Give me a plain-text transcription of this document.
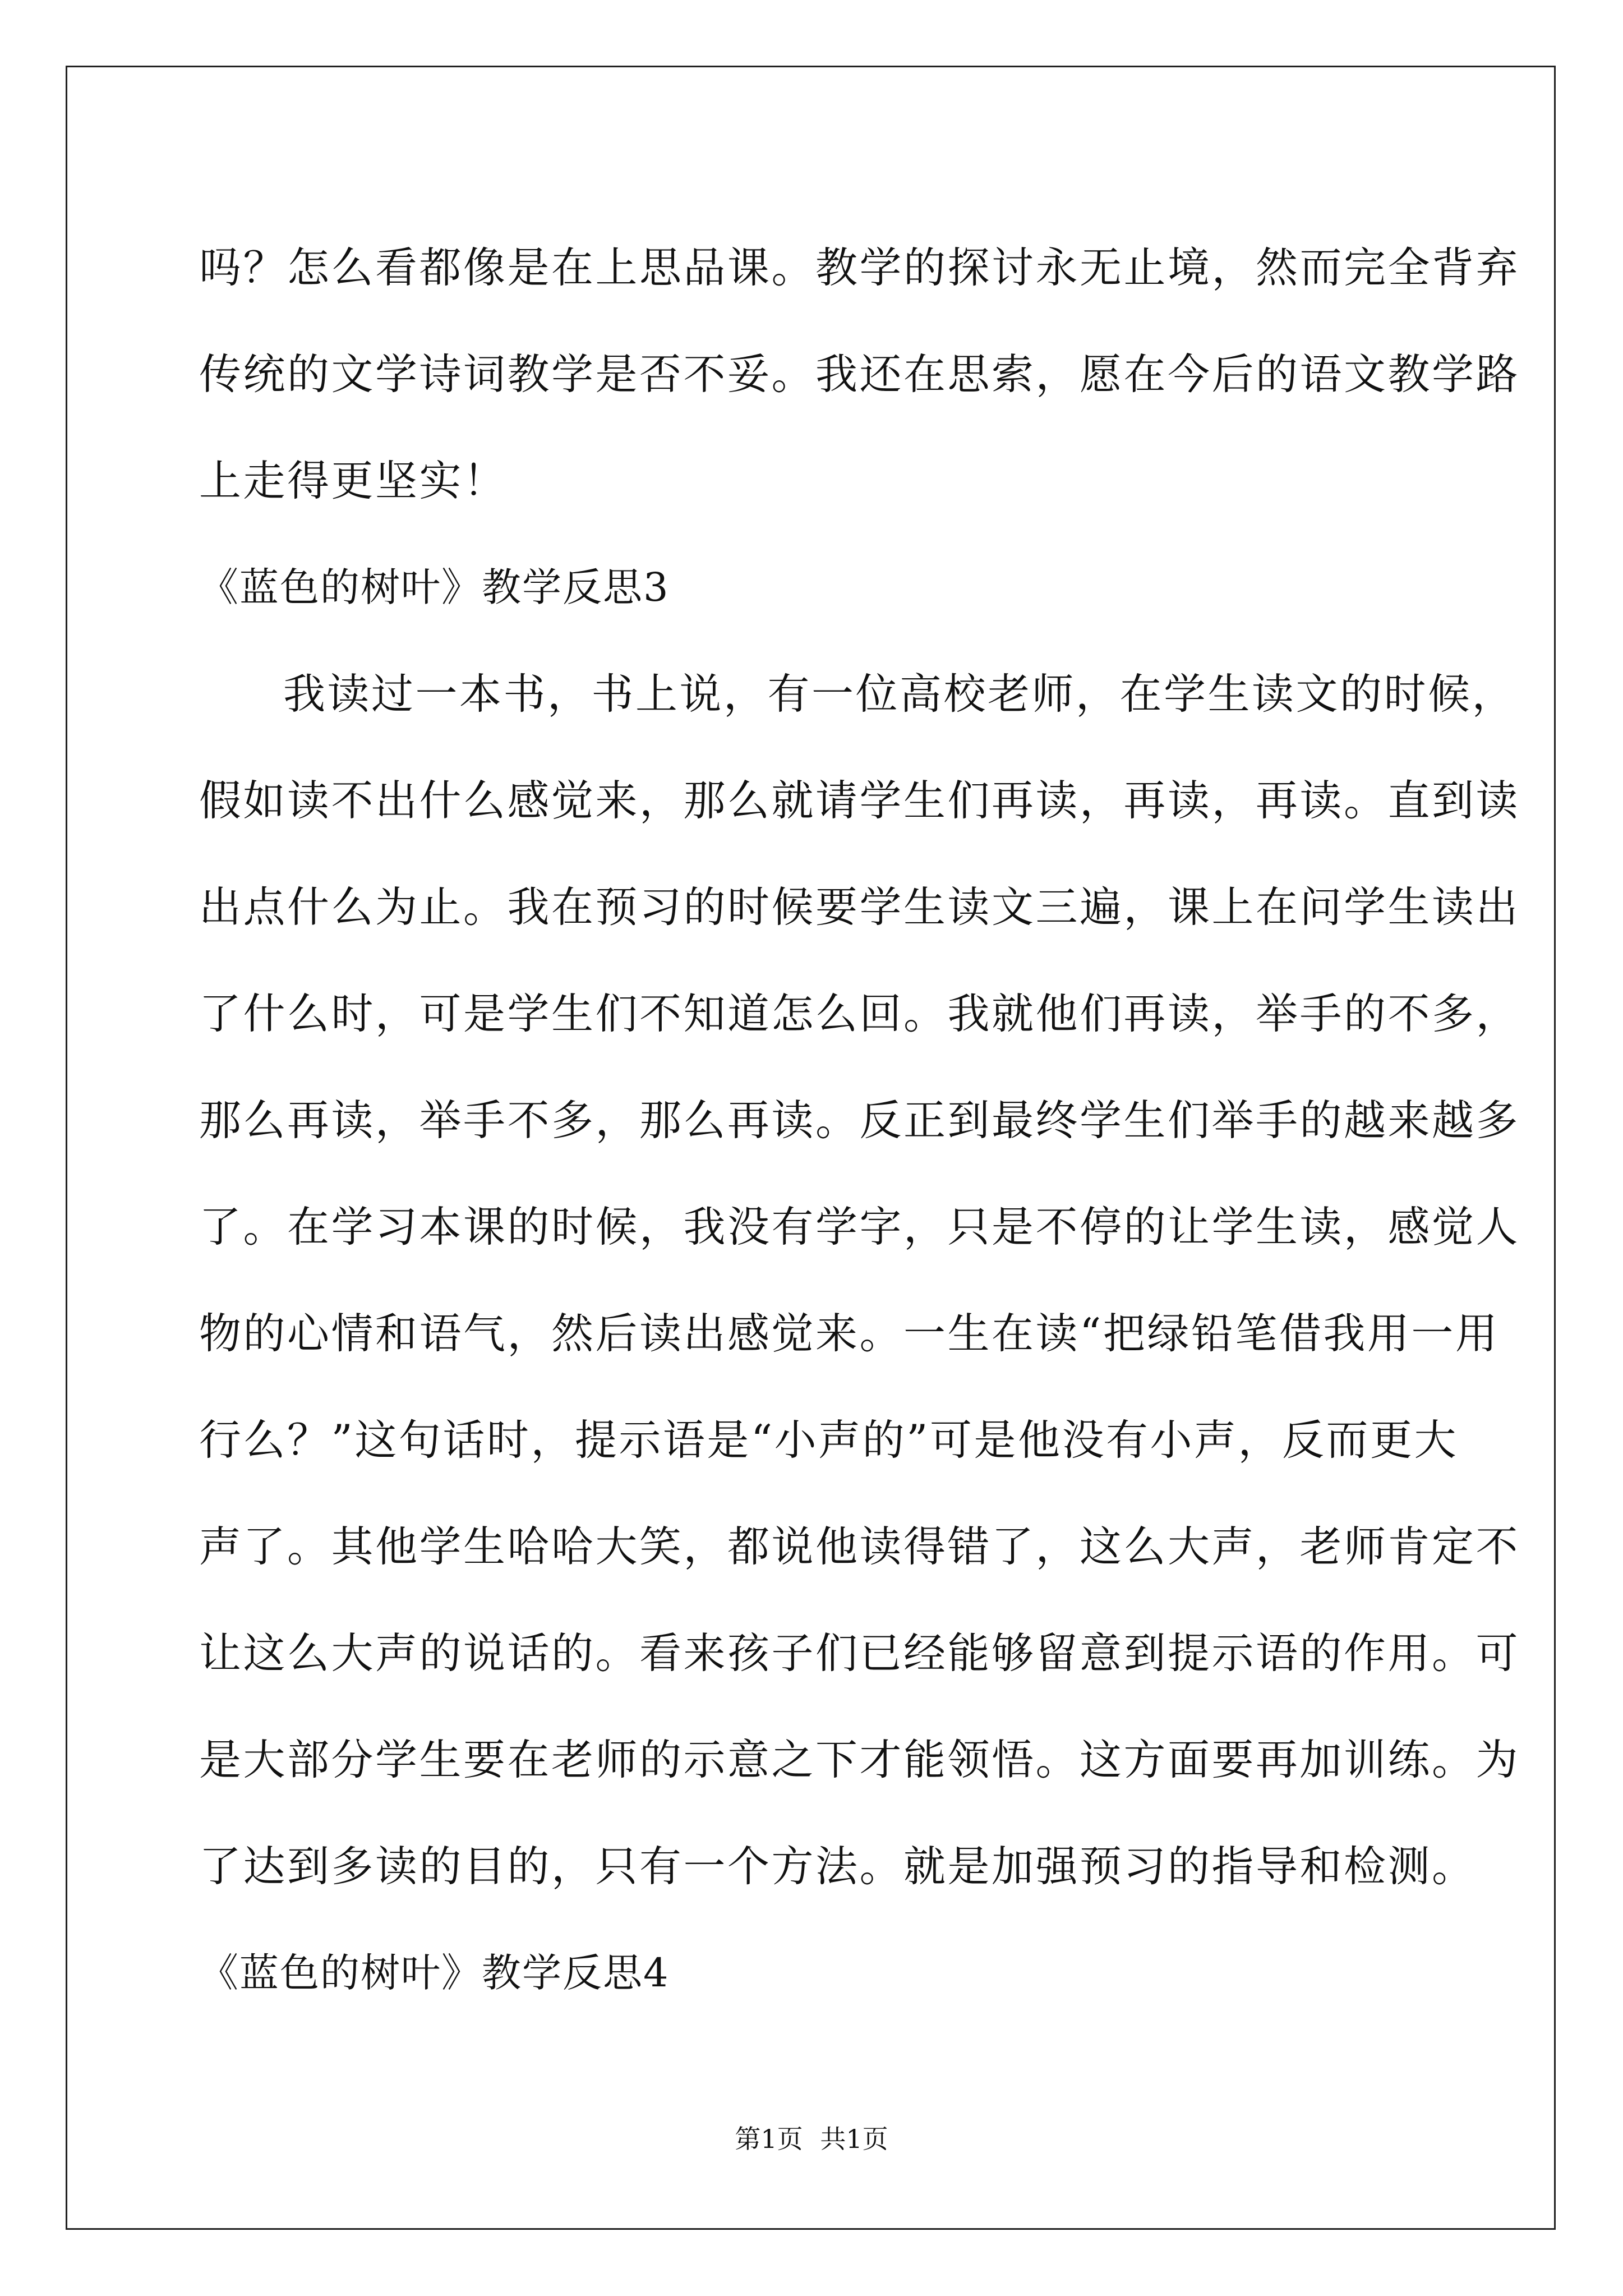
吗？怎么看都像是在上思品课。教学的探讨永无止境，然而完全背弃
传统的文学诗词教学是否不妥。我还在思索，愿在今后的语文教学路
上走得更坚实！
《蓝色的树叶》教学反思3
我读过一本书，书上说，有一位高校老师，在学生读文的时候，
假如读不出什么感觉来，那么就请学生们再读，再读，再读。直到读
出点什么为止。我在预习的时候要学生读文三遍，课上在问学生读出
了什么时，可是学生们不知道怎么回。我就他们再读，举手的不多，
那么再读，举手不多，那么再读。反正到最终学生们举手的越来越多
了。在学习本课的时候，我没有学字，只是不停的让学生读，感觉人
物的心情和语气，然后读出感觉来。一生在读“把绿铅笔借我用一用
行么？”这句话时，提示语是“小声的”可是他没有小声，反而更大
声了。其他学生哈哈大笑，都说他读得错了，这么大声，老师肯定不
让这么大声的说话的。看来孩子们已经能够留意到提示语的作用。可
是大部分学生要在老师的示意之下才能领悟。这方面要再加训练。为
了达到多读的目的，只有一个方法。就是加强预习的指导和检测。
《蓝色的树叶》教学反思4
第1页 共1页
